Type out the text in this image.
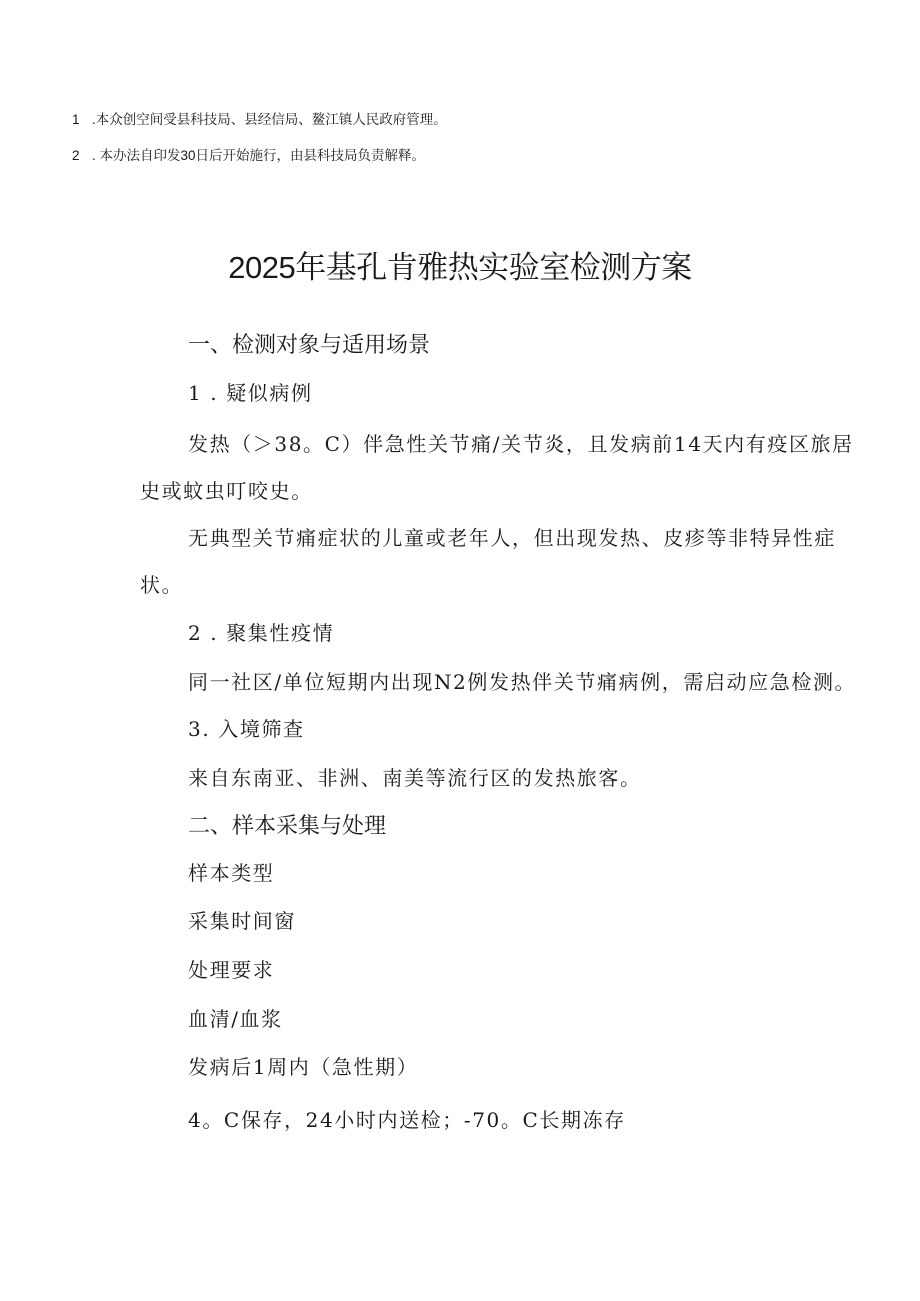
1 .本众创空间受县科技局、县经信局、鳌江镇人民政府管理。
2 . 本办法自印发30日后开始施行，由县科技局负责解释。
2025年基孔肯雅热实验室检测方案
一、检测对象与适用场景
1 . 疑似病例
发热（＞38。C）伴急性关节痛/关节炎，且发病前14天内有疫区旅居
史或蚊虫叮咬史。
无典型关节痛症状的儿童或老年人，但出现发热、皮疹等非特异性症
状。
2 . 聚集性疫情
同一社区/单位短期内出现N2例发热伴关节痛病例，需启动应急检测。
3. 入境筛查
来自东南亚、非洲、南美等流行区的发热旅客。
二、样本采集与处理
样本类型
采集时间窗
处理要求
血清/血浆
发病后1周内（急性期）
4。C保存，24小时内送检；-70。C长期冻存
